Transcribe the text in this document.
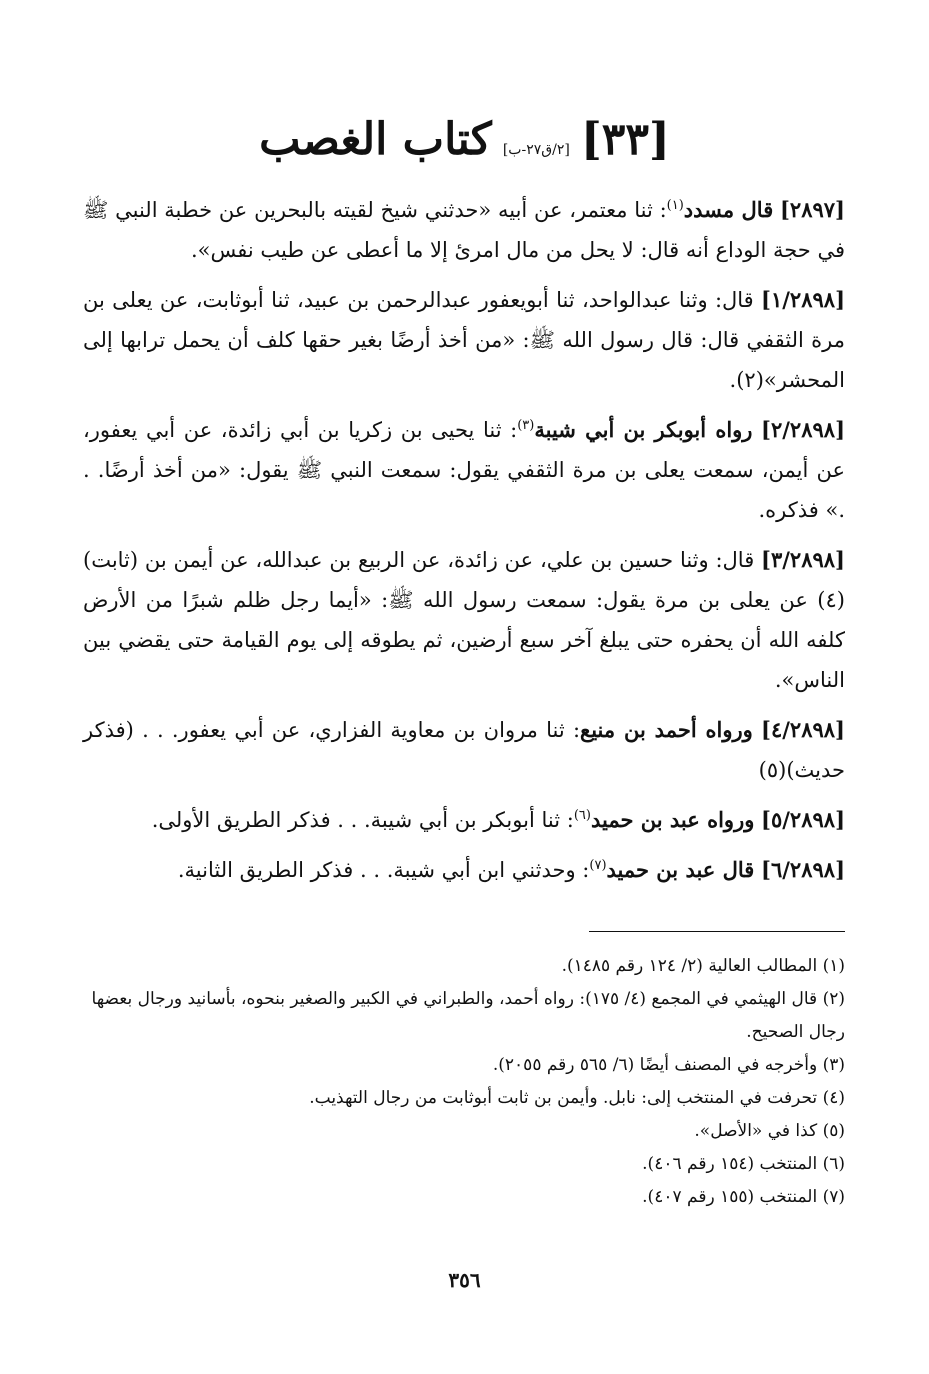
[٣٣] [٢/ق٢٧-ب] كتاب الغصب

[٢٨٩٧] قال مسدد$^{(١)}$: ثنا معتمر، عن أبيه «حدثني شيخ لقيته بالبحرين عن خطبة النبي ﷺ في حجة الوداع أنه قال: لا يحل من مال امرئ إلا ما أعطى عن طيب نفس».

[١/٢٨٩٨] قال: وثنا عبدالواحد، ثنا أبويعفور عبدالرحمن بن عبيد، ثنا أبوثابت، عن يعلى بن مرة الثقفي قال: قال رسول الله ﷺ: «من أخذ أرضًا بغير حقها كلف أن يحمل ترابها إلى المحشر»(٢).

[٢/٢٨٩٨] رواه أبوبكر بن أبي شيبة$^{(٣)}$: ثنا يحيى بن زكريا بن أبي زائدة، عن أبي يعفور، عن أيمن، سمعت يعلى بن مرة الثقفي يقول: سمعت النبي ﷺ يقول: «من أخذ أرضًا. . .» فذكره.

[٣/٢٨٩٨] قال: وثنا حسين بن علي، عن زائدة، عن الربيع بن عبدالله، عن أيمن بن (ثابت)(٤) عن يعلى بن مرة يقول: سمعت رسول الله ﷺ: «أيما رجل ظلم شبرًا من الأرض كلفه الله أن يحفره حتى يبلغ آخر سبع أرضين، ثم يطوقه إلى يوم القيامة حتى يقضي بين الناس».

[٤/٢٨٩٨] ورواه أحمد بن منيع: ثنا مروان بن معاوية الفزاري، عن أبي يعفور. . . (فذكر حديث)(٥)

[٥/٢٨٩٨] ورواه عبد بن حميد$^{(٦)}$: ثنا أبوبكر بن أبي شيبة. . . فذكر الطريق الأولى.

[٦/٢٨٩٨] قال عبد بن حميد$^{(٧)}$: وحدثني ابن أبي شيبة. . . فذكر الطريق الثانية.

(١) المطالب العالية (٢/ ١٢٤ رقم ١٤٨٥).

(٢) قال الهيثمي في المجمع (٤/ ١٧٥): رواه أحمد، والطبراني في الكبير والصغير بنحوه، بأسانيد ورجال بعضها رجال الصحيح.

(٣) وأخرجه في المصنف أيضًا (٦/ ٥٦٥ رقم ٢٠٥٥).

(٤) تحرفت في المنتخب إلى: نابل. وأيمن بن ثابت أبوثابت من رجال التهذيب.

(٥) كذا في «الأصل».

(٦) المنتخب (١٥٤ رقم ٤٠٦).

(٧) المنتخب (١٥٥ رقم ٤٠٧).

٣٥٦
